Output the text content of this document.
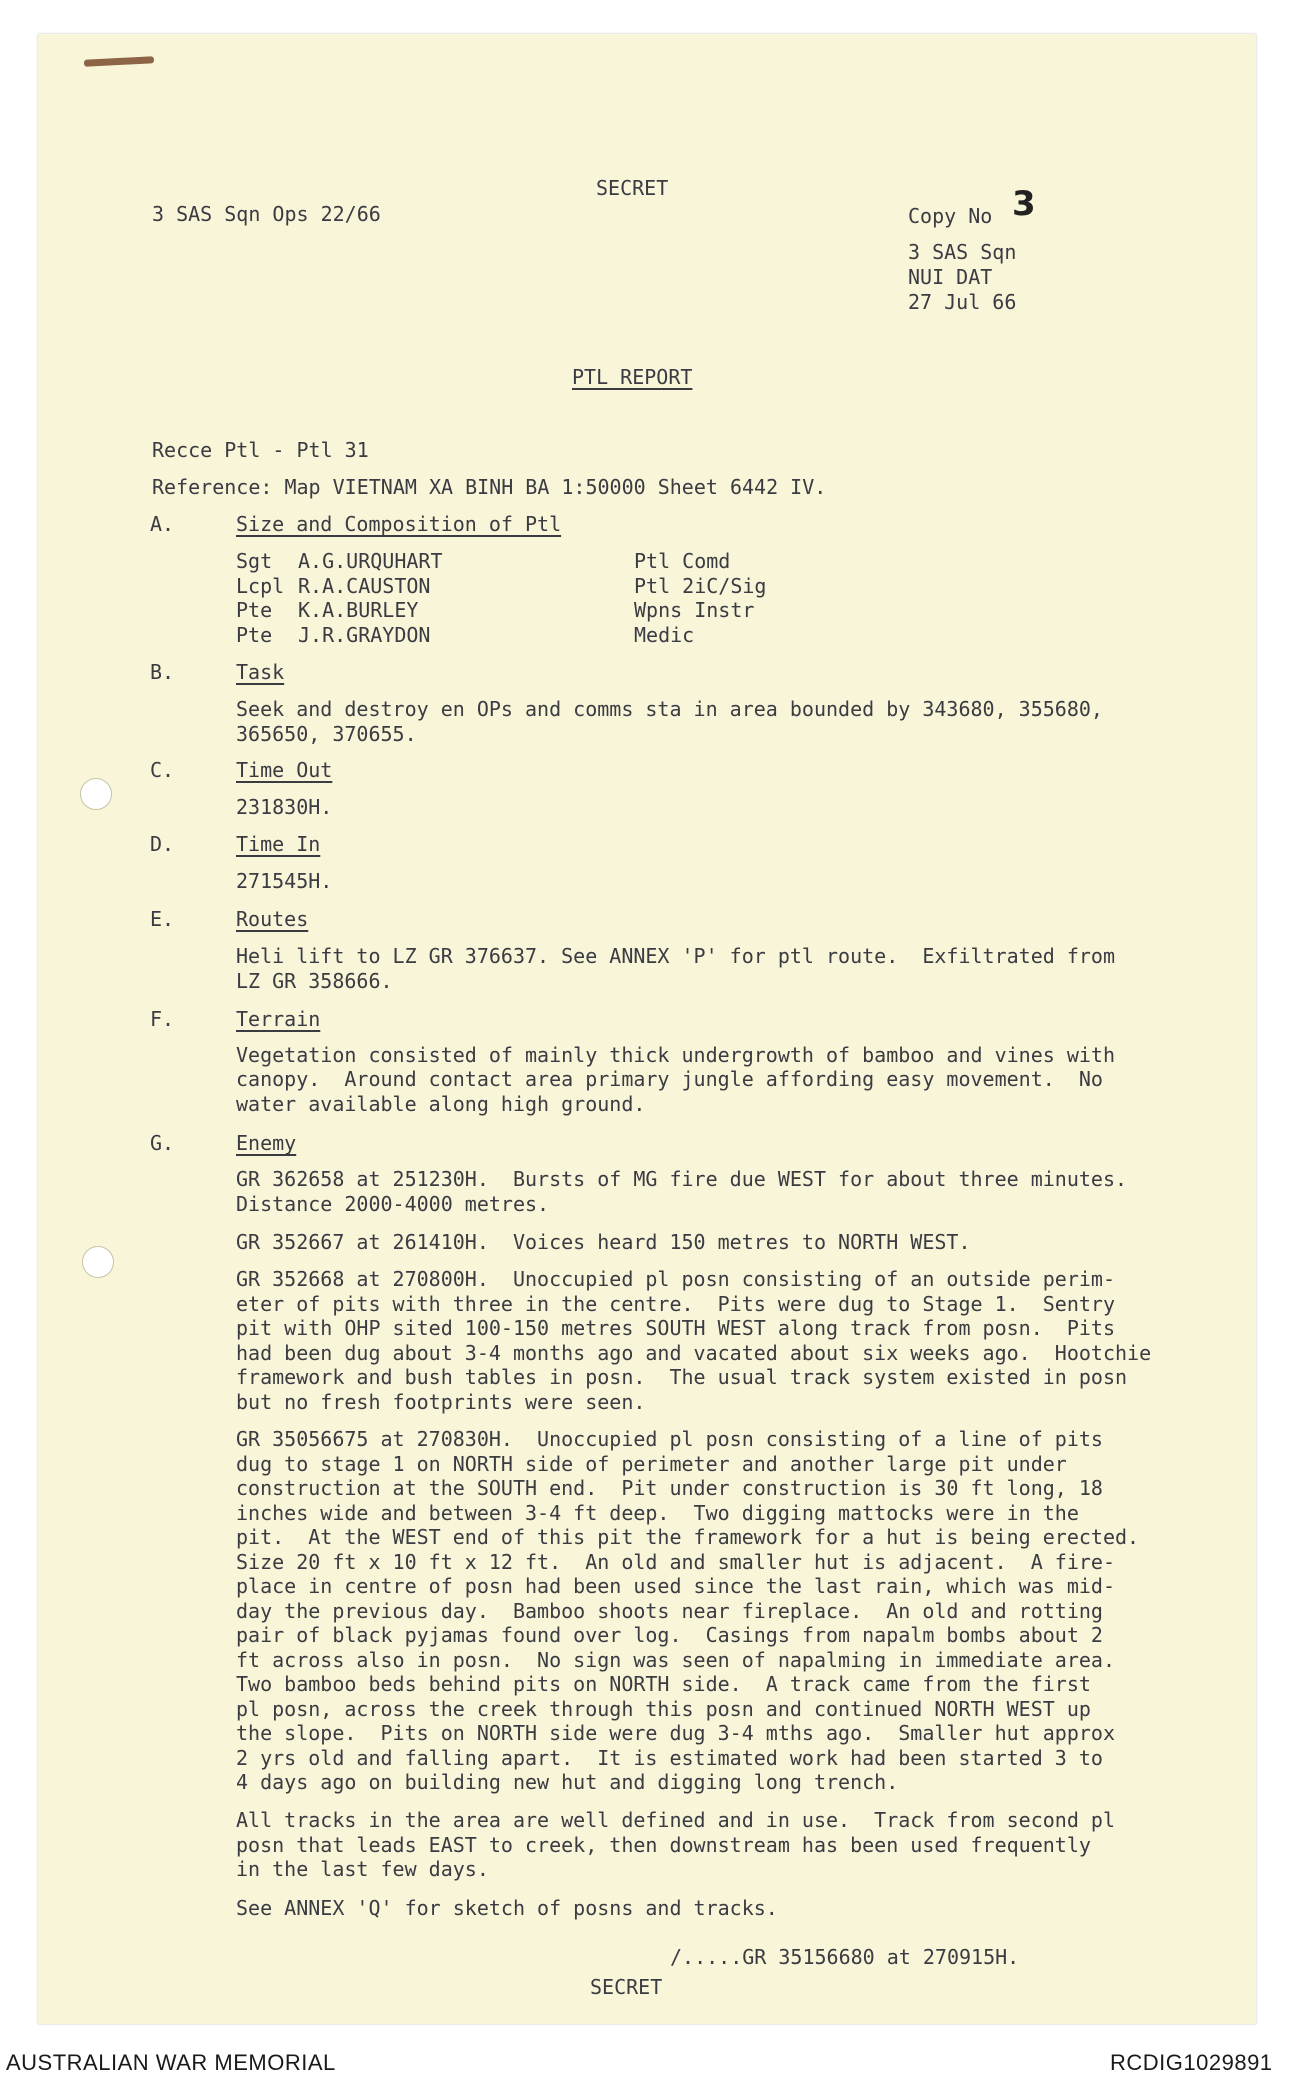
SECRET
3 SAS Sqn Ops 22/66	Copy No 3
3 SAS Sqn
NUI DAT
27 Jul 66
PTL REPORT
Recce Ptl - Ptl 31
Reference: Map VIETNAM XA BINH BA 1:50000 Sheet 6442 IV.
A.	Size and Composition of Ptl
Sgt A.G.URQUHART	Ptl Comd
Lcpl R.A.CAUSTON	Ptl 2iC/Sig
Pte K.A.BURLEY	Wpns Instr
Pte J.R.GRAYDON	Medic
B.	Task
Seek and destroy en OPs and comms sta in area bounded by 343680, 355680,
365650, 370655.
C.	Time Out
231830H.
D.	Time In
271545H.
E.	Routes
Heli lift to LZ GR 376637. See ANNEX 'P' for ptl route.  Exfiltrated from
LZ GR 358666.
F.	Terrain
Vegetation consisted of mainly thick undergrowth of bamboo and vines with
canopy.  Around contact area primary jungle affording easy movement.  No
water available along high ground.
G.	Enemy
GR 362658 at 251230H.  Bursts of MG fire due WEST for about three minutes.
Distance 2000-4000 metres.
GR 352667 at 261410H.  Voices heard 150 metres to NORTH WEST.
GR 352668 at 270800H.  Unoccupied pl posn consisting of an outside perim-
eter of pits with three in the centre.  Pits were dug to Stage 1.  Sentry
pit with OHP sited 100-150 metres SOUTH WEST along track from posn.  Pits
had been dug about 3-4 months ago and vacated about six weeks ago.  Hootchie
framework and bush tables in posn.  The usual track system existed in posn
but no fresh footprints were seen.
GR 35056675 at 270830H.  Unoccupied pl posn consisting of a line of pits
dug to stage 1 on NORTH side of perimeter and another large pit under
construction at the SOUTH end.  Pit under construction is 30 ft long, 18
inches wide and between 3-4 ft deep.  Two digging mattocks were in the
pit.  At the WEST end of this pit the framework for a hut is being erected.
Size 20 ft x 10 ft x 12 ft.  An old and smaller hut is adjacent.  A fire-
place in centre of posn had been used since the last rain, which was mid-
day the previous day.  Bamboo shoots near fireplace.  An old and rotting
pair of black pyjamas found over log.  Casings from napalm bombs about 2
ft across also in posn.  No sign was seen of napalming in immediate area.
Two bamboo beds behind pits on NORTH side.  A track came from the first
pl posn, across the creek through this posn and continued NORTH WEST up
the slope.  Pits on NORTH side were dug 3-4 mths ago.  Smaller hut approx
2 yrs old and falling apart.  It is estimated work had been started 3 to
4 days ago on building new hut and digging long trench.
All tracks in the area are well defined and in use.  Track from second pl
posn that leads EAST to creek, then downstream has been used frequently
in the last few days.
See ANNEX 'Q' for sketch of posns and tracks.
/.....GR 35156680 at 270915H.
SECRET
AUSTRALIAN WAR MEMORIAL	RCDIG1029891
